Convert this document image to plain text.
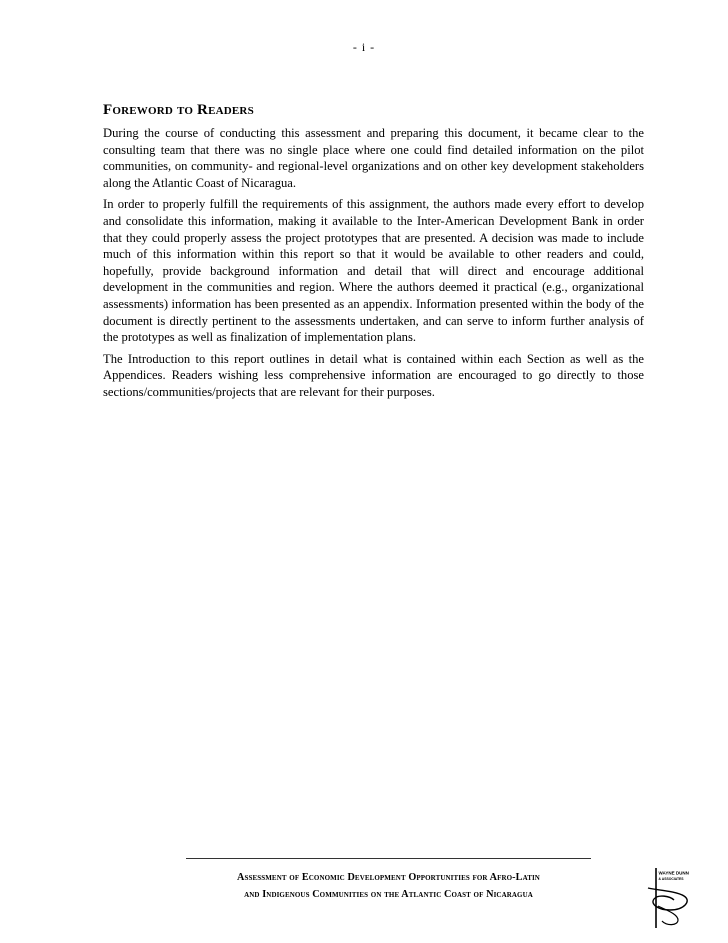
- i -
Foreword to Readers

During the course of conducting this assessment and preparing this document, it became clear to the consulting team that there was no single place where one could find detailed information on the pilot communities, on community- and regional-level organizations and on other key development stakeholders along the Atlantic Coast of Nicaragua.

In order to properly fulfill the requirements of this assignment, the authors made every effort to develop and consolidate this information, making it available to the Inter-American Development Bank in order that they could properly assess the project prototypes that are presented. A decision was made to include much of this information within this report so that it would be available to other readers and could, hopefully, provide background information and detail that will direct and encourage additional development in the communities and region. Where the authors deemed it practical (e.g., organizational assessments) information has been presented as an appendix. Information presented within the body of the document is directly pertinent to the assessments undertaken, and can serve to inform further analysis of the prototypes as well as finalization of implementation plans.

The Introduction to this report outlines in detail what is contained within each Section as well as the Appendices. Readers wishing less comprehensive information are encouraged to go directly to those sections/communities/projects that are relevant for their purposes.

Assessment of Economic Development Opportunities for Afro-Latin
and Indigenous Communities on the Atlantic Coast of Nicaragua
WAYNE DUNN
& ASSOCIATES
